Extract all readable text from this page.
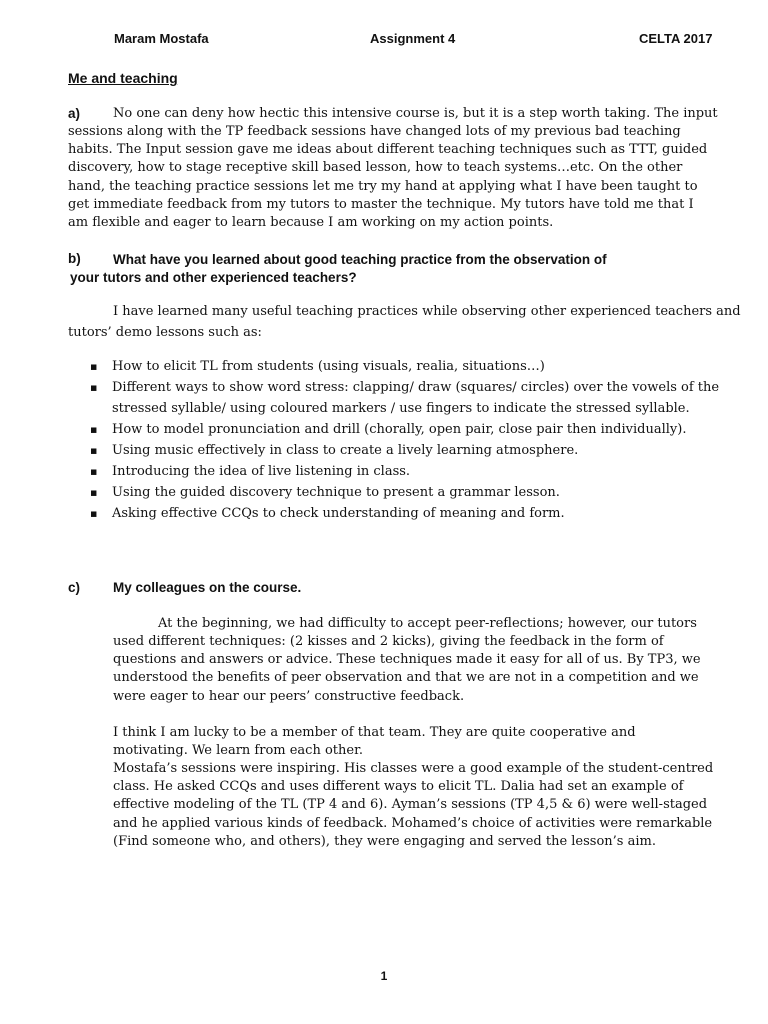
Maram Mostafa	Assignment 4	CELTA 2017
Me and teaching
a)	No one can deny how hectic this intensive course is, but it is a step worth taking. The input
sessions along with the TP feedback sessions have changed lots of my previous bad teaching habits. The Input session gave me ideas about different teaching techniques such as TTT, guided discovery, how to stage receptive skill based lesson, how to teach systems…etc. On the other hand, the teaching practice sessions let me try my hand at applying what I have been taught to get immediate feedback from my tutors to master the technique. My tutors have told me that I am flexible and eager to learn because I am working on my action points.
b) What have you learned about good teaching practice from the observation of
your tutors and other experienced teachers?
I have learned many useful teaching practices while observing other experienced teachers and
tutors’ demo lessons such as:
▪ How to elicit TL from students (using visuals, realia, situations…)
▪ Different ways to show word stress: clapping/ draw (squares/ circles) over the vowels of the stressed syllable/ using coloured markers / use fingers to indicate the stressed syllable.
▪ How to model pronunciation and drill (chorally, open pair, close pair then individually).
▪ Using music effectively in class to create a lively learning atmosphere.
▪ Introducing the idea of live listening in class.
▪ Using the guided discovery technique to present a grammar lesson.
▪ Asking effective CCQs to check understanding of meaning and form.
c) My colleagues on the course.
At the beginning, we had difficulty to accept peer-reflections; however, our tutors
used different techniques: (2 kisses and 2 kicks), giving the feedback in the form of questions and answers or advice. These techniques made it easy for all of us. By TP3, we understood the benefits of peer observation and that we are not in a competition and we were eager to hear our peers’ constructive feedback.
I think I am lucky to be a member of that team. They are quite cooperative and motivating. We learn from each other.
Mostafa’s sessions were inspiring. His classes were a good example of the student-centred class. He asked CCQs and uses different ways to elicit TL. Dalia had set an example of effective modeling of the TL (TP 4 and 6). Ayman’s sessions (TP 4,5 & 6) were well-staged and he applied various kinds of feedback. Mohamed’s choice of activities were remarkable (Find someone who, and others), they were engaging and served the lesson’s aim.
1
